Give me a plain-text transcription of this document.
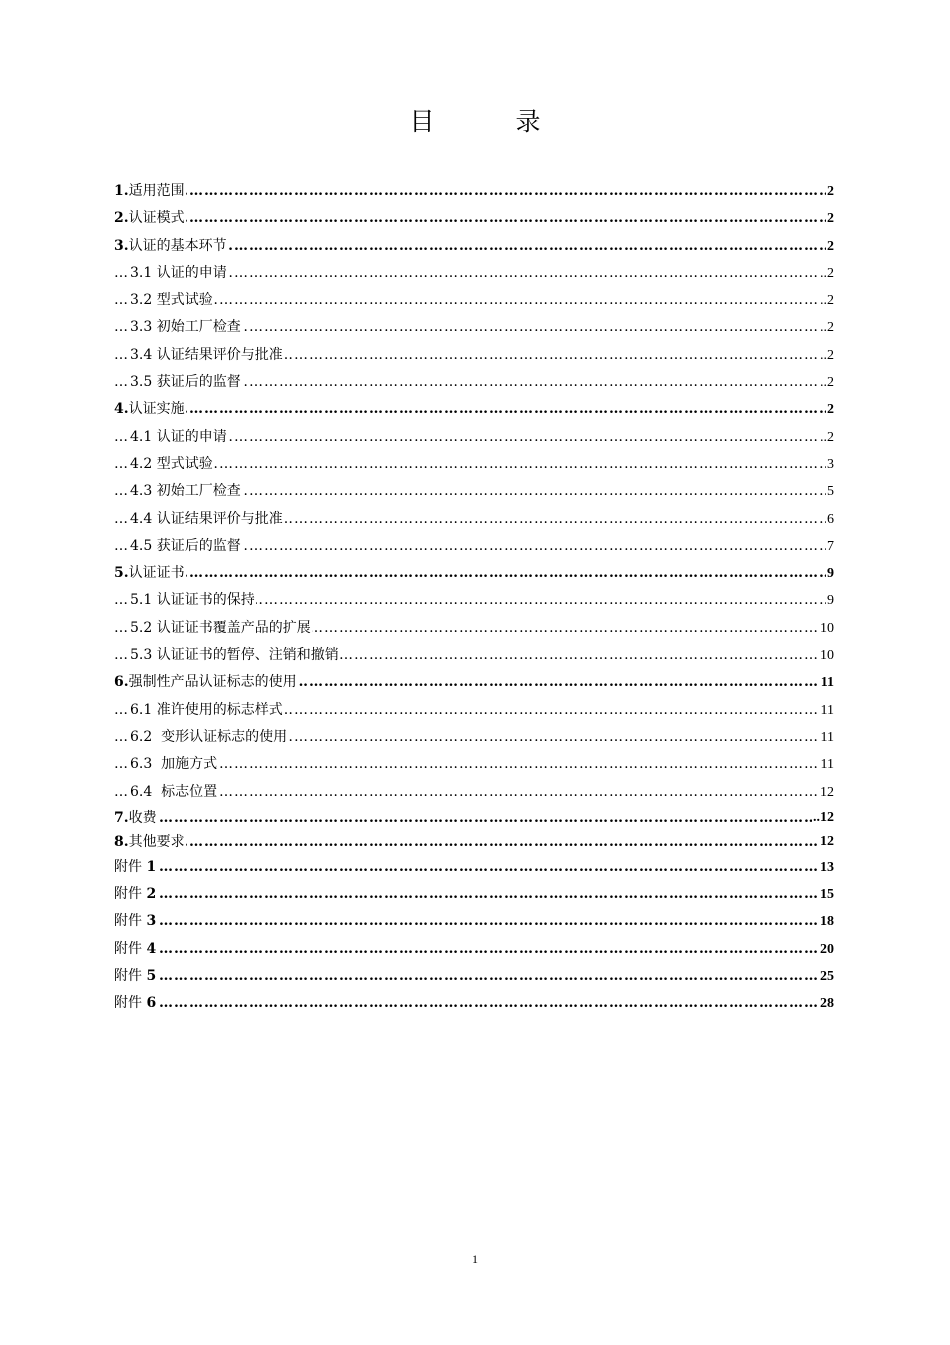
目　录
…………………………………………………………………………………………………………………………………………………………………………………………………………………………………………
1.适用范围	2
…………………………………………………………………………………………………………………………………………………………………………………………………………………………………………
2.认证模式	2
…………………………………………………………………………………………………………………………………………………………………………………………………………………………………………
3.认证的基本环节	2
…………………………………………………………………………………………………………………………………………………………………………………………………………………………………………
3.1 认证的申请	..2
…………………………………………………………………………………………………………………………………………………………………………………………………………………………………………
3.2 型式试验	..2
…………………………………………………………………………………………………………………………………………………………………………………………………………………………………………
3.3 初始工厂检查	..2
…………………………………………………………………………………………………………………………………………………………………………………………………………………………………………
3.4 认证结果评价与批准	..2
…………………………………………………………………………………………………………………………………………………………………………………………………………………………………………
3.5 获证后的监督	..2
…………………………………………………………………………………………………………………………………………………………………………………………………………………………………………
4.认证实施	2
…………………………………………………………………………………………………………………………………………………………………………………………………………………………………………
4.1 认证的申请	..2
…………………………………………………………………………………………………………………………………………………………………………………………………………………………………………
4.2 型式试验	3
…………………………………………………………………………………………………………………………………………………………………………………………………………………………………………
4.3 初始工厂检查	5
…………………………………………………………………………………………………………………………………………………………………………………………………………………………………………
4.4 认证结果评价与批准	6
…………………………………………………………………………………………………………………………………………………………………………………………………………………………………………
4.5 获证后的监督	7
…………………………………………………………………………………………………………………………………………………………………………………………………………………………………………
5.认证证书	9
…………………………………………………………………………………………………………………………………………………………………………………………………………………………………………
5.1 认证证书的保持	9
…………………………………………………………………………………………………………………………………………………………………………………………………………………………………………
5.2 认证证书覆盖产品的扩展	10
…………………………………………………………………………………………………………………………………………………………………………………………………………………………………………
5.3 认证证书的暂停、注销和撤销	10
…………………………………………………………………………………………………………………………………………………………………………………………………………………………………………
6.强制性产品认证标志的使用	11
…………………………………………………………………………………………………………………………………………………………………………………………………………………………………………
6.1 准许使用的标志样式	11
…………………………………………………………………………………………………………………………………………………………………………………………………………………………………………
6.2  变形认证标志的使用	11
…………………………………………………………………………………………………………………………………………………………………………………………………………………………………………
6.3  加施方式	11
…………………………………………………………………………………………………………………………………………………………………………………………………………………………………………
6.4  标志位置	12
…………………………………………………………………………………………………………………………………………………………………………………………………………………………………………
7.收费	..12
…………………………………………………………………………………………………………………………………………………………………………………………………………………………………………
8.其他要求	12
…………………………………………………………………………………………………………………………………………………………………………………………………………………………………………
附件 1	13
…………………………………………………………………………………………………………………………………………………………………………………………………………………………………………
附件 2	15
…………………………………………………………………………………………………………………………………………………………………………………………………………………………………………
附件 3	18
…………………………………………………………………………………………………………………………………………………………………………………………………………………………………………
附件 4	20
…………………………………………………………………………………………………………………………………………………………………………………………………………………………………………
附件 5	25
…………………………………………………………………………………………………………………………………………………………………………………………………………………………………………
附件 6	28
1
